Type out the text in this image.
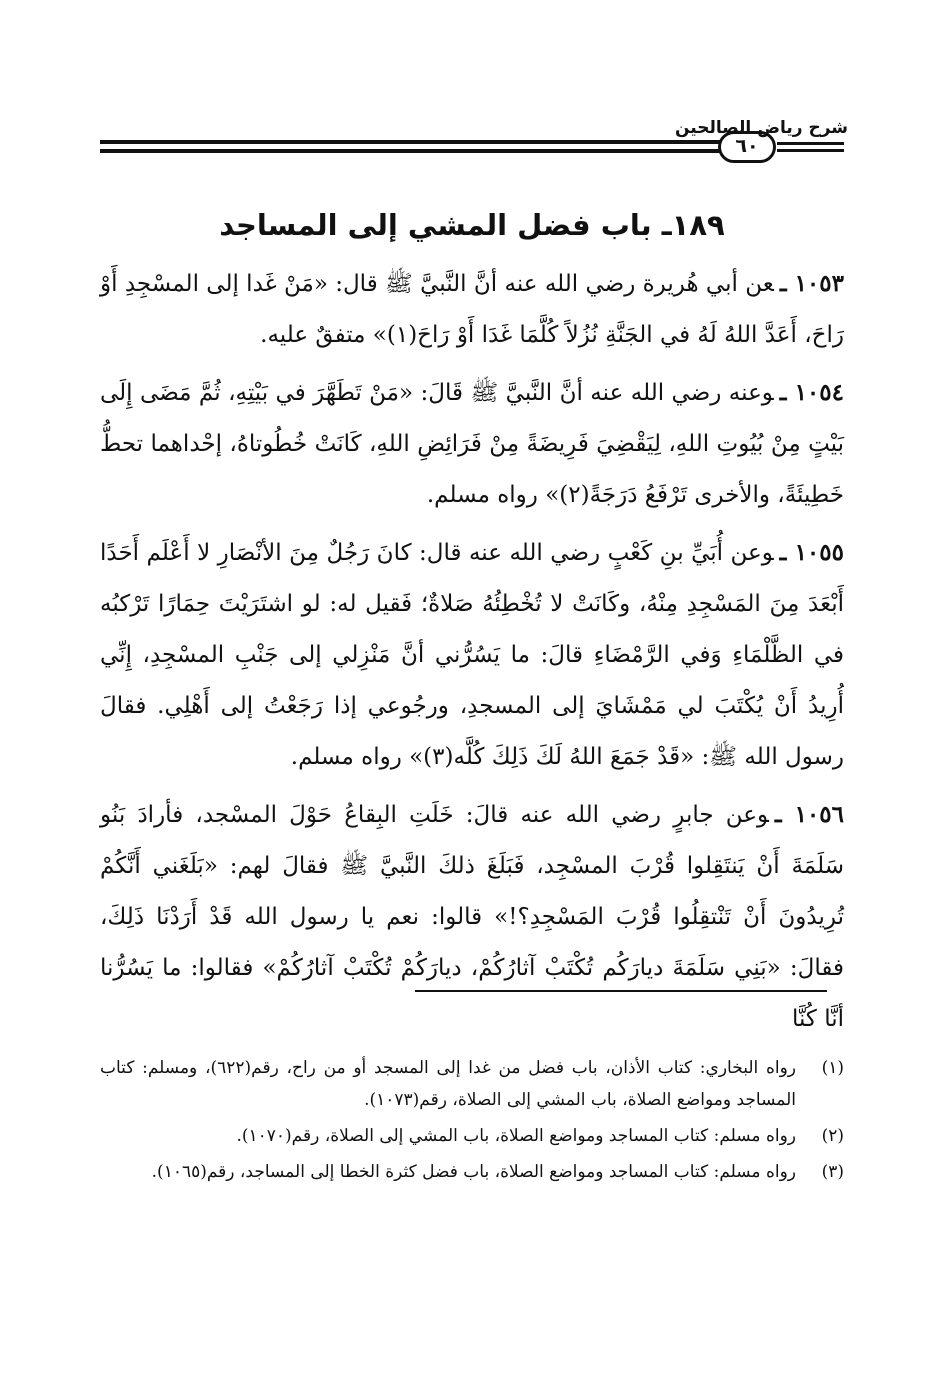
شرح رياض الصالحين
٦٠
١٨٩ـ باب فضل المشي إلى المساجد

١٠٥٣ ـعن أبي هُريرة رضي الله عنه أنَّ النَّبيَّ ﷺ قال: «مَنْ غَدا إلى المسْجِدِ أَوْ رَاحَ، أَعَدَّ اللهُ لَهُ في الجَنَّةِ نُزُلاً كُلَّمَا غَدَا أَوْ رَاحَ(١)» متفقٌ عليه.

١٠٥٤ ـوعنه رضي الله عنه أنَّ النَّبيَّ ﷺ قَالَ: «مَنْ تَطَهَّرَ في بَيْتِهِ، ثُمَّ مَضَى إِلَى بَيْتٍ مِنْ بُيُوتِ اللهِ، لِيَقْضِيَ فَرِيضَةً مِنْ فَرَائِضِ اللهِ، كَانَتْ خُطُوتاهُ، إحْداهما تحطُّ خَطِيئَةً، والأخرى تَرْفَعُ دَرَجَةً(٢)» رواه مسلم.

١٠٥٥ ـوعن أُبَيِّ بنِ كَعْبٍ رضي الله عنه قال: كانَ رَجُلٌ مِنَ الأنْصَارِ لا أَعْلَم أَحَدًا أَبْعَدَ مِنَ المَسْجِدِ مِنْهُ، وكَانَتْ لا تُخْطِئُهُ صَلاةٌ؛ فَقيل له: لو اشتَرَيْتَ حِمَارًا تَرْكبُه في الظَّلْمَاءِ وَفي الرَّمْضَاءِ قالَ: ما يَسُرُّني أنَّ مَنْزِلي إلى جَنْبِ المسْجِدِ، إِنِّي أُرِيدُ أَنْ يُكْتَبَ لي مَمْشَايَ إلى المسجدِ، ورجُوعي إذا رَجَعْتُ إلى أَهْلِي. فقالَ رسول الله ﷺ: «قَدْ جَمَعَ اللهُ لَكَ ذَلِكَ كُلَّه(٣)» رواه مسلم.

١٠٥٦ ـوعن جابرٍ رضي الله عنه قالَ: خَلَتِ البِقاعُ حَوْلَ المسْجد، فأرادَ بَنُو سَلَمَةَ أَنْ يَنتَقِلوا قُرْبَ المسْجِد، فَبَلَغَ ذلكَ النَّبيَّ ﷺ فقالَ لهم: «بَلَغَني أَنَّكُمْ تُرِيدُونَ أَنْ تَنْتقِلُوا قُرْبَ المَسْجِدِ؟!» قالوا: نعم يا رسول الله قَدْ أَرَدْنَا ذَلِكَ، فقالَ: «بَنِي سَلَمَةَ ديارَكُم تُكْتَبْ آثارُكُمْ، ديارَكُمْ تُكْتَبْ آثارُكُمْ» فقالوا: ما يَسُرُّنا أنَّا كُنَّا

(١)
رواه البخاري: كتاب الأذان، باب فضل من غدا إلى المسجد أو من راح، رقم(٦٢٢)، ومسلم: كتاب المساجد ومواضع الصلاة، باب المشي إلى الصلاة، رقم(١٠٧٣).
(٢)
رواه مسلم: كتاب المساجد ومواضع الصلاة، باب المشي إلى الصلاة، رقم(١٠٧٠).
(٣)
رواه مسلم: كتاب المساجد ومواضع الصلاة، باب فضل كثرة الخطا إلى المساجد، رقم(١٠٦٥).
